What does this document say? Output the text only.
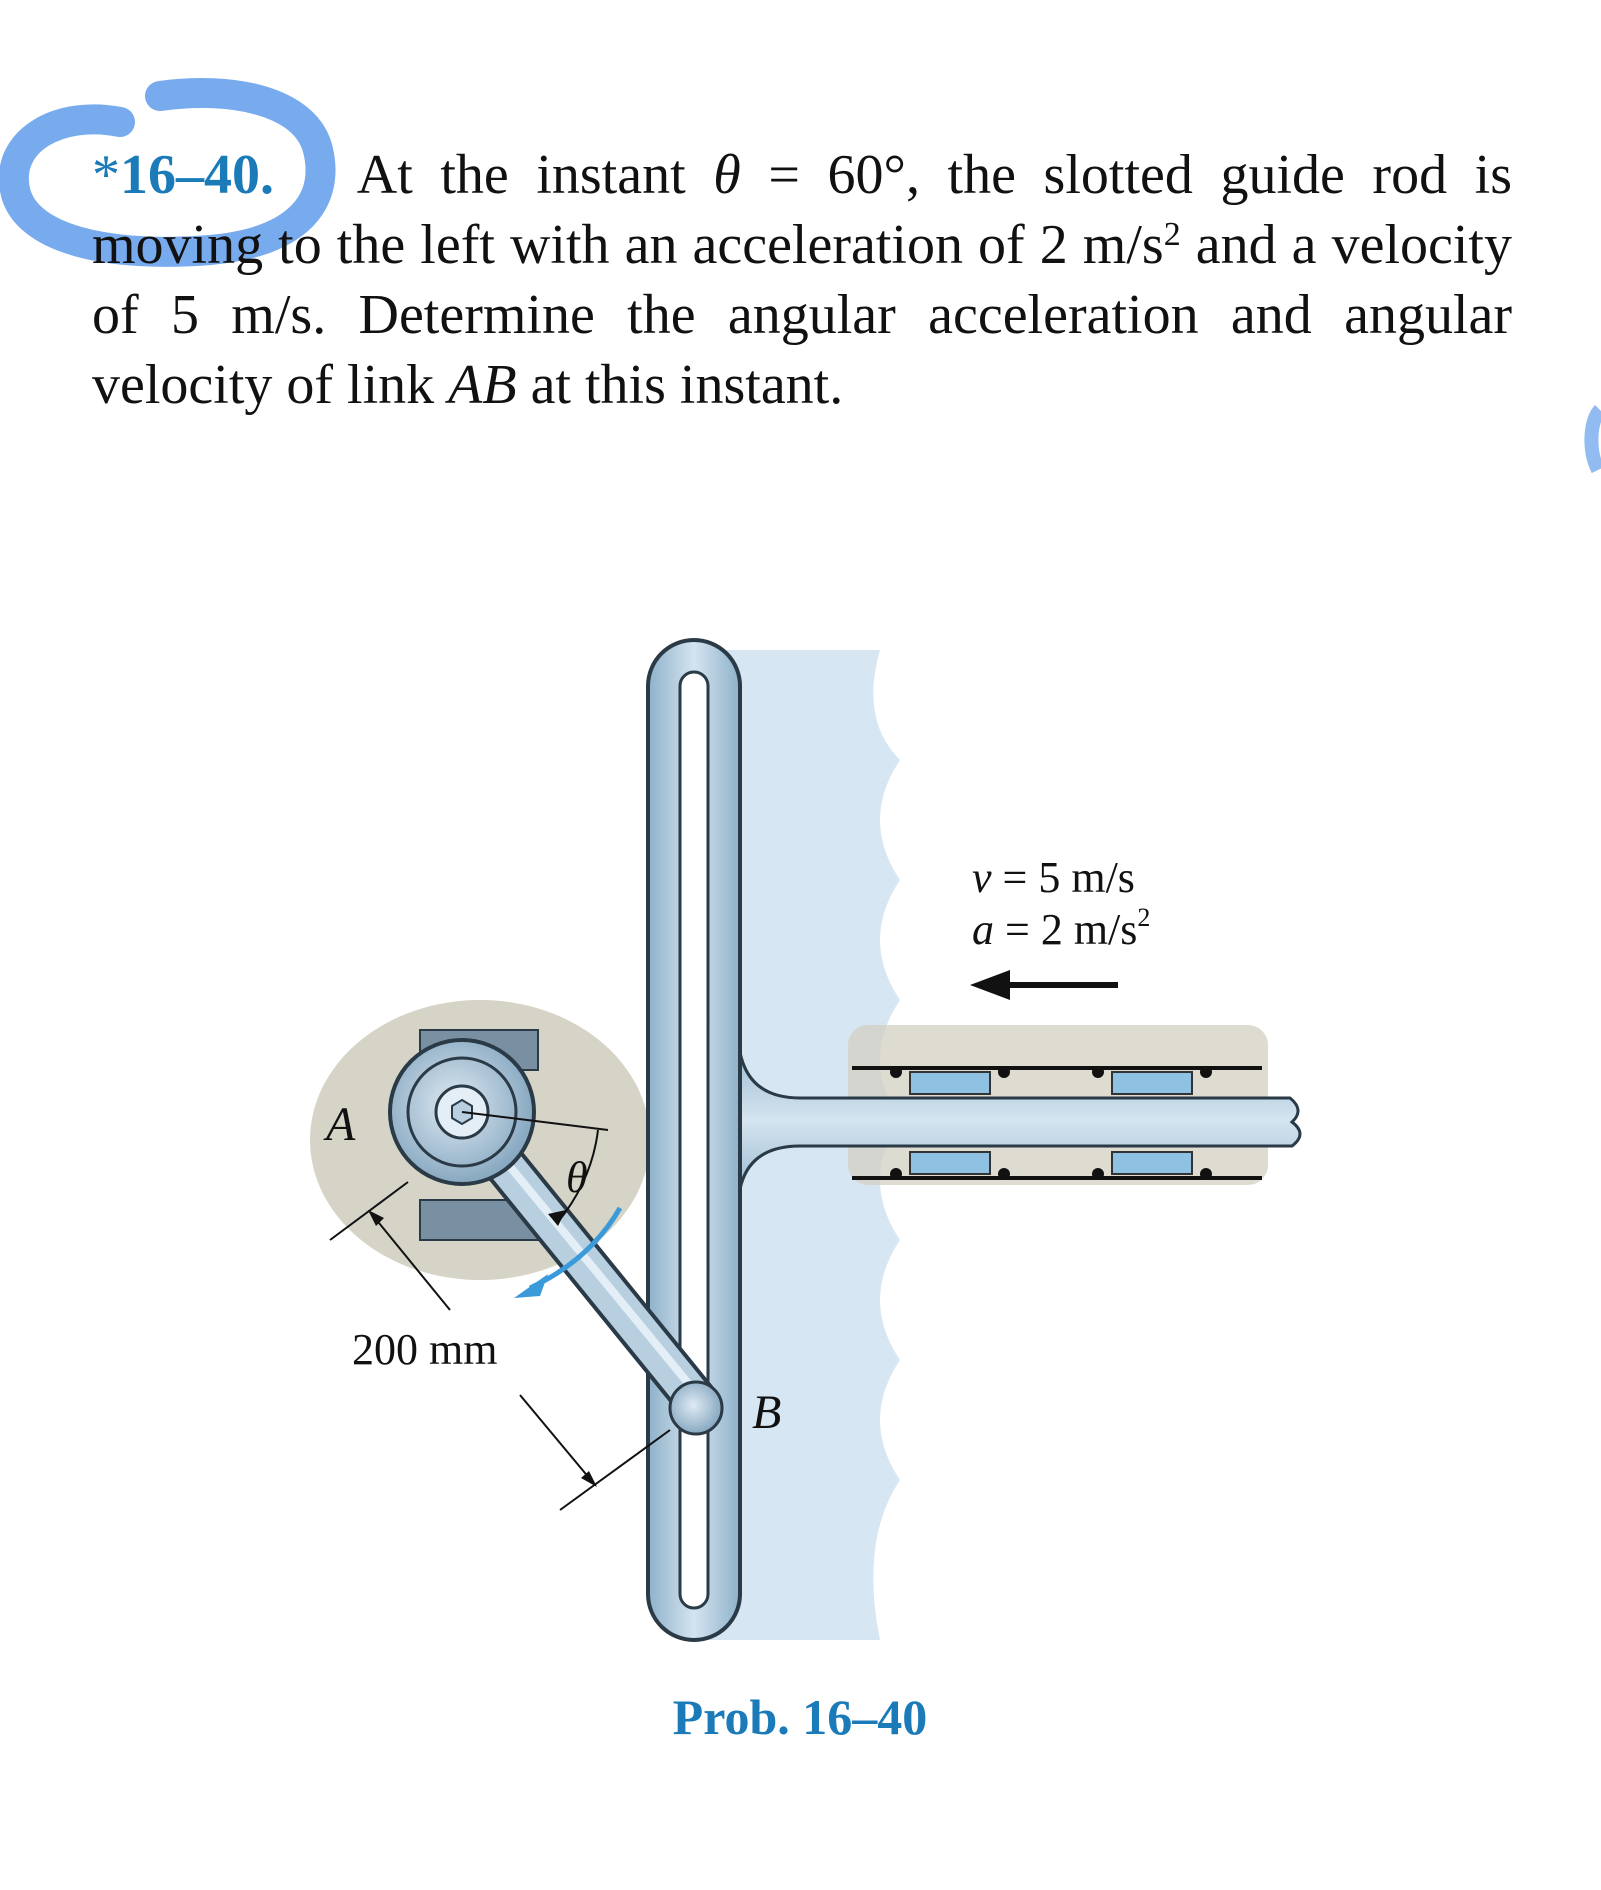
*16–40. At the instant θ = 60°, the slotted guide rod is moving to the left with an acceleration of 2 $m/s^2$ and a velocity of 5 m/s. Determine the angular acceleration and angular velocity of link AB at this instant.
A
B
θ
200 mm
v = 5 m/s
a = 2 $m/s^2$
Prob. 16–40
